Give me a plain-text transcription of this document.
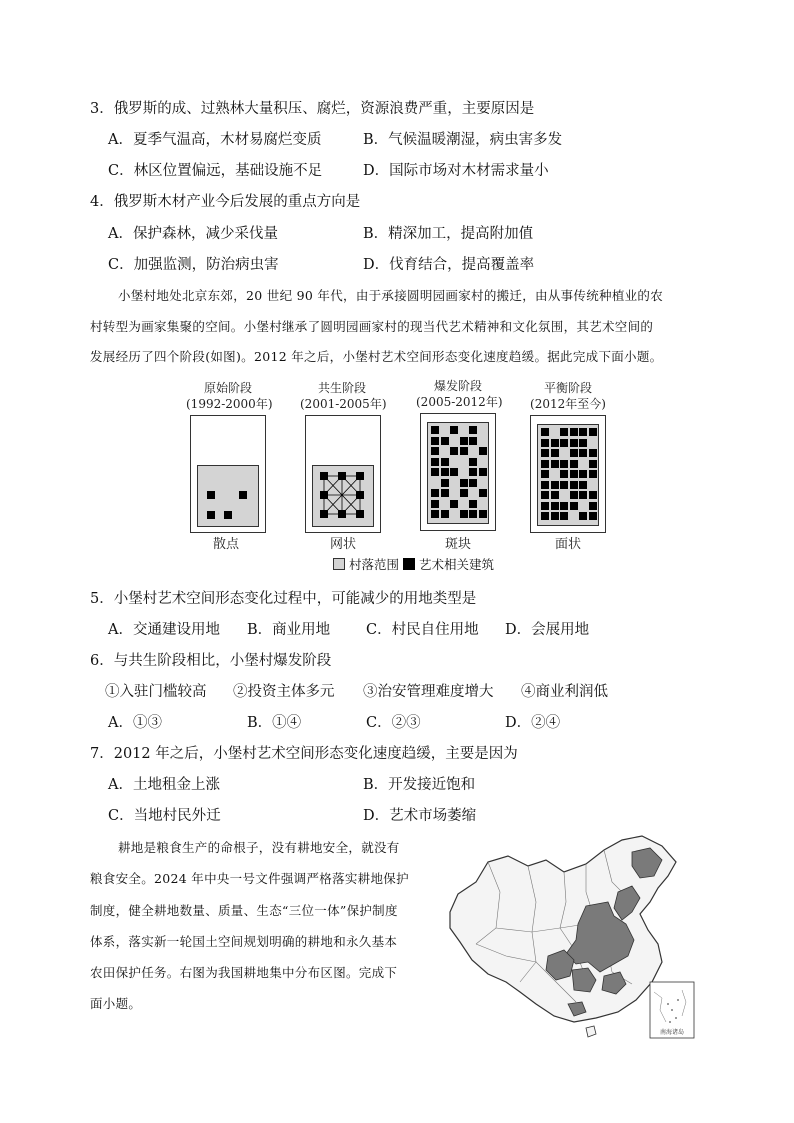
3．俄罗斯的成、过熟林大量积压、腐烂，资源浪费严重，主要原因是
A．夏季气温高，木材易腐烂变质	B．气候温暖潮湿，病虫害多发
C．林区位置偏远，基础设施不足	D．国际市场对木材需求量小
4．俄罗斯木材产业今后发展的重点方向是
A．保护森林，减少采伐量	B．精深加工，提高附加值
C．加强监测，防治病虫害	D．伐育结合，提高覆盖率
小堡村地处北京东郊，20 世纪 90 年代，由于承接圆明园画家村的搬迁，由从事传统种植业的农
村转型为画家集聚的空间。小堡村继承了圆明园画家村的现当代艺术精神和文化氛围，其艺术空间的
发展经历了四个阶段(如图)。2012 年之后，小堡村艺术空间形态变化速度趋缓。据此完成下面小题。
原始阶段
(1992-2000年)
共生阶段
(2001-2005年)
爆发阶段
(2005-2012年)
平衡阶段
(2012年至今)
散点	网状	斑块	面状
村落范围 艺术相关建筑
5．小堡村艺术空间形态变化过程中，可能减少的用地类型是
A．交通建设用地 B．商业用地 C．村民自住用地 D．会展用地
6．与共生阶段相比，小堡村爆发阶段
①入驻门槛较高 ②投资主体多元 ③治安管理难度增大 ④商业利润低
A．①③	B．①④	C．②③	D．②④
7．2012 年之后，小堡村艺术空间形态变化速度趋缓，主要是因为
A．土地租金上涨	B．开发接近饱和
C．当地村民外迁	D．艺术市场萎缩
耕地是粮食生产的命根子，没有耕地安全，就没有
粮食安全。2024 年中央一号文件强调严格落实耕地保护
制度，健全耕地数量、质量、生态“三位一体”保护制度
体系，落实新一轮国土空间规划明确的耕地和永久基本
农田保护任务。右图为我国耕地集中分布区图。完成下
面小题。
南海诸岛
